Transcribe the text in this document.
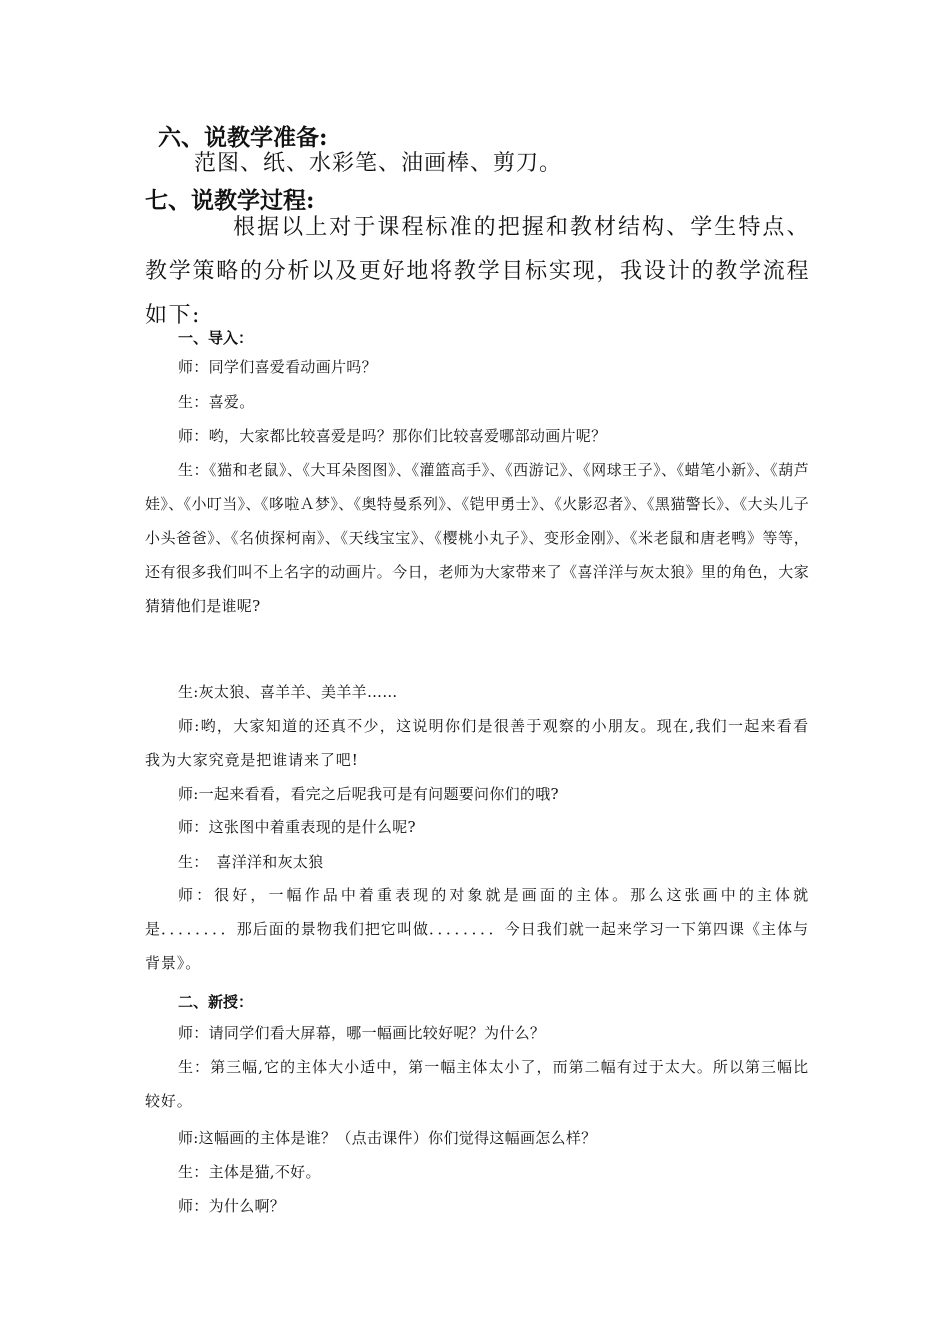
六、说教学准备:
范图、纸、水彩笔、油画棒、剪刀。
七、说教学过程:
根据以上对于课程标准的把握和教材结构、学生特点、教学策略的分析以及更好地将教学目标实现，我设计的教学流程如下:
一、导入：
师：同学们喜爱看动画片吗？
生：喜爱。
师：哟，大家都比较喜爱是吗？那你们比较喜爱哪部动画片呢？
生：《猫和老鼠》、《大耳朵图图》、《灌篮高手》、《西游记》、《网球王子》、《蜡笔小新》、《葫芦娃》、《小叮当》、《哆啦Ａ梦》、《奥特曼系列》、《铠甲勇士》、《火影忍者》、《黑猫警长》、《大头儿子小头爸爸》、《名侦探柯南》、《天线宝宝》、《樱桃小丸子》、变形金刚》、《米老鼠和唐老鸭》等等，还有很多我们叫不上名字的动画片。今日，老师为大家带来了《喜洋洋与灰太狼》里的角色，大家猜猜他们是谁呢?
生:灰太狼、喜羊羊、美羊羊……
师:哟，大家知道的还真不少，这说明你们是很善于观察的小朋友。现在,我们一起来看看我为大家究竟是把谁请来了吧!
师:一起来看看，看完之后呢我可是有问题要问你们的哦?
师：这张图中着重表现的是什么呢?
生：　喜洋洋和灰太狼
师：很好，一幅作品中着重表现的对象就是画面的主体。那么这张画中的主体就是．．．．．．．．那后面的景物我们把它叫做．．．．．．．．今日我们就一起来学习一下第四课《主体与背景》。
二、新授：
师：请同学们看大屏幕，哪一幅画比较好呢？为什么？
生：第三幅,它的主体大小适中，第一幅主体太小了，而第二幅有过于太大。所以第三幅比较好。
师:这幅画的主体是谁？（点击课件）你们觉得这幅画怎么样？
生：主体是猫,不好。
师：为什么啊？
